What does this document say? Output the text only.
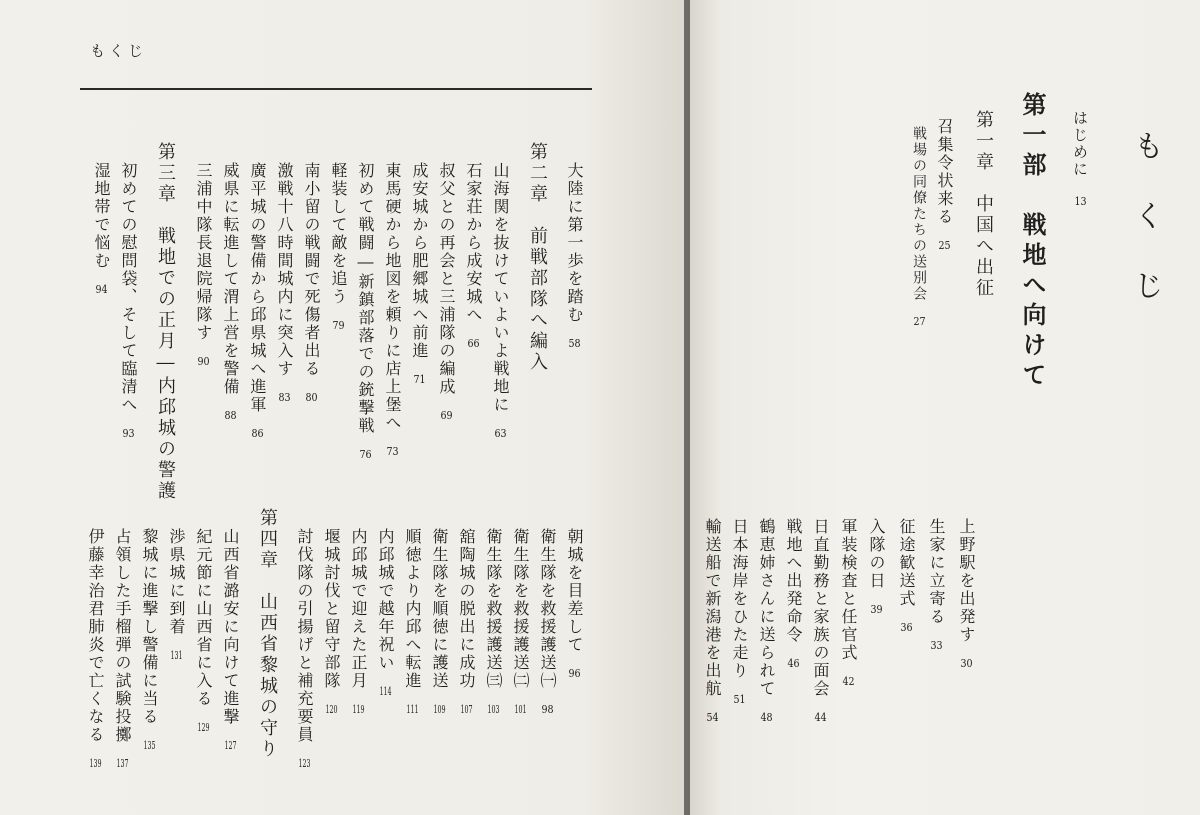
もくじ
大陸に第一歩を踏む58
第二章　前戦部隊へ編入
山海関を抜けていよいよ戦地に63
石家荘から成安城へ66
叔父との再会と三浦隊の編成69
成安城から肥郷城へ前進71
東馬硬から地図を頼りに店上堡へ73
初めて戦闘―新鎮部落での銃撃戦76
軽装して敵を追う79
南小留の戦闘で死傷者出る80
激戦十八時間城内に突入す83
廣平城の警備から邱県城へ進軍86
威県に転進して渭上営を警備88
三浦中隊長退院帰隊す90
第三章　戦地での正月―内邱城の警護
初めての慰問袋、そして臨清へ93
湿地帯で悩む94
朝城を目差して96
衛生隊を救援護送㈠98
衛生隊を救援護送㈡101
衛生隊を救援護送㈢103
舘陶城の脱出に成功107
衛生隊を順徳に護送109
順徳より内邱へ転進111
内邱城で越年祝い114
内邱城で迎えた正月119
堰城討伐と留守部隊120
討伐隊の引揚げと補充要員123
第四章　山西省黎城の守り
山西省潞安に向けて進撃127
紀元節に山西省に入る129
渉県城に到着131
黎城に進撃し警備に当る135
占領した手榴弾の試験投擲137
伊藤幸治君肺炎で亡くなる139
もくじ
はじめに13
第一部　戦地へ向けて
第一章　中国へ出征
召集令状来る25
戦場の同僚たちの送別会27
上野駅を出発す30
生家に立寄る33
征途歓送式36
入隊の日39
軍装検査と任官式42
日直勤務と家族の面会44
戦地へ出発命令46
鶴恵姉さんに送られて48
日本海岸をひた走り51
輸送船で新潟港を出航54
